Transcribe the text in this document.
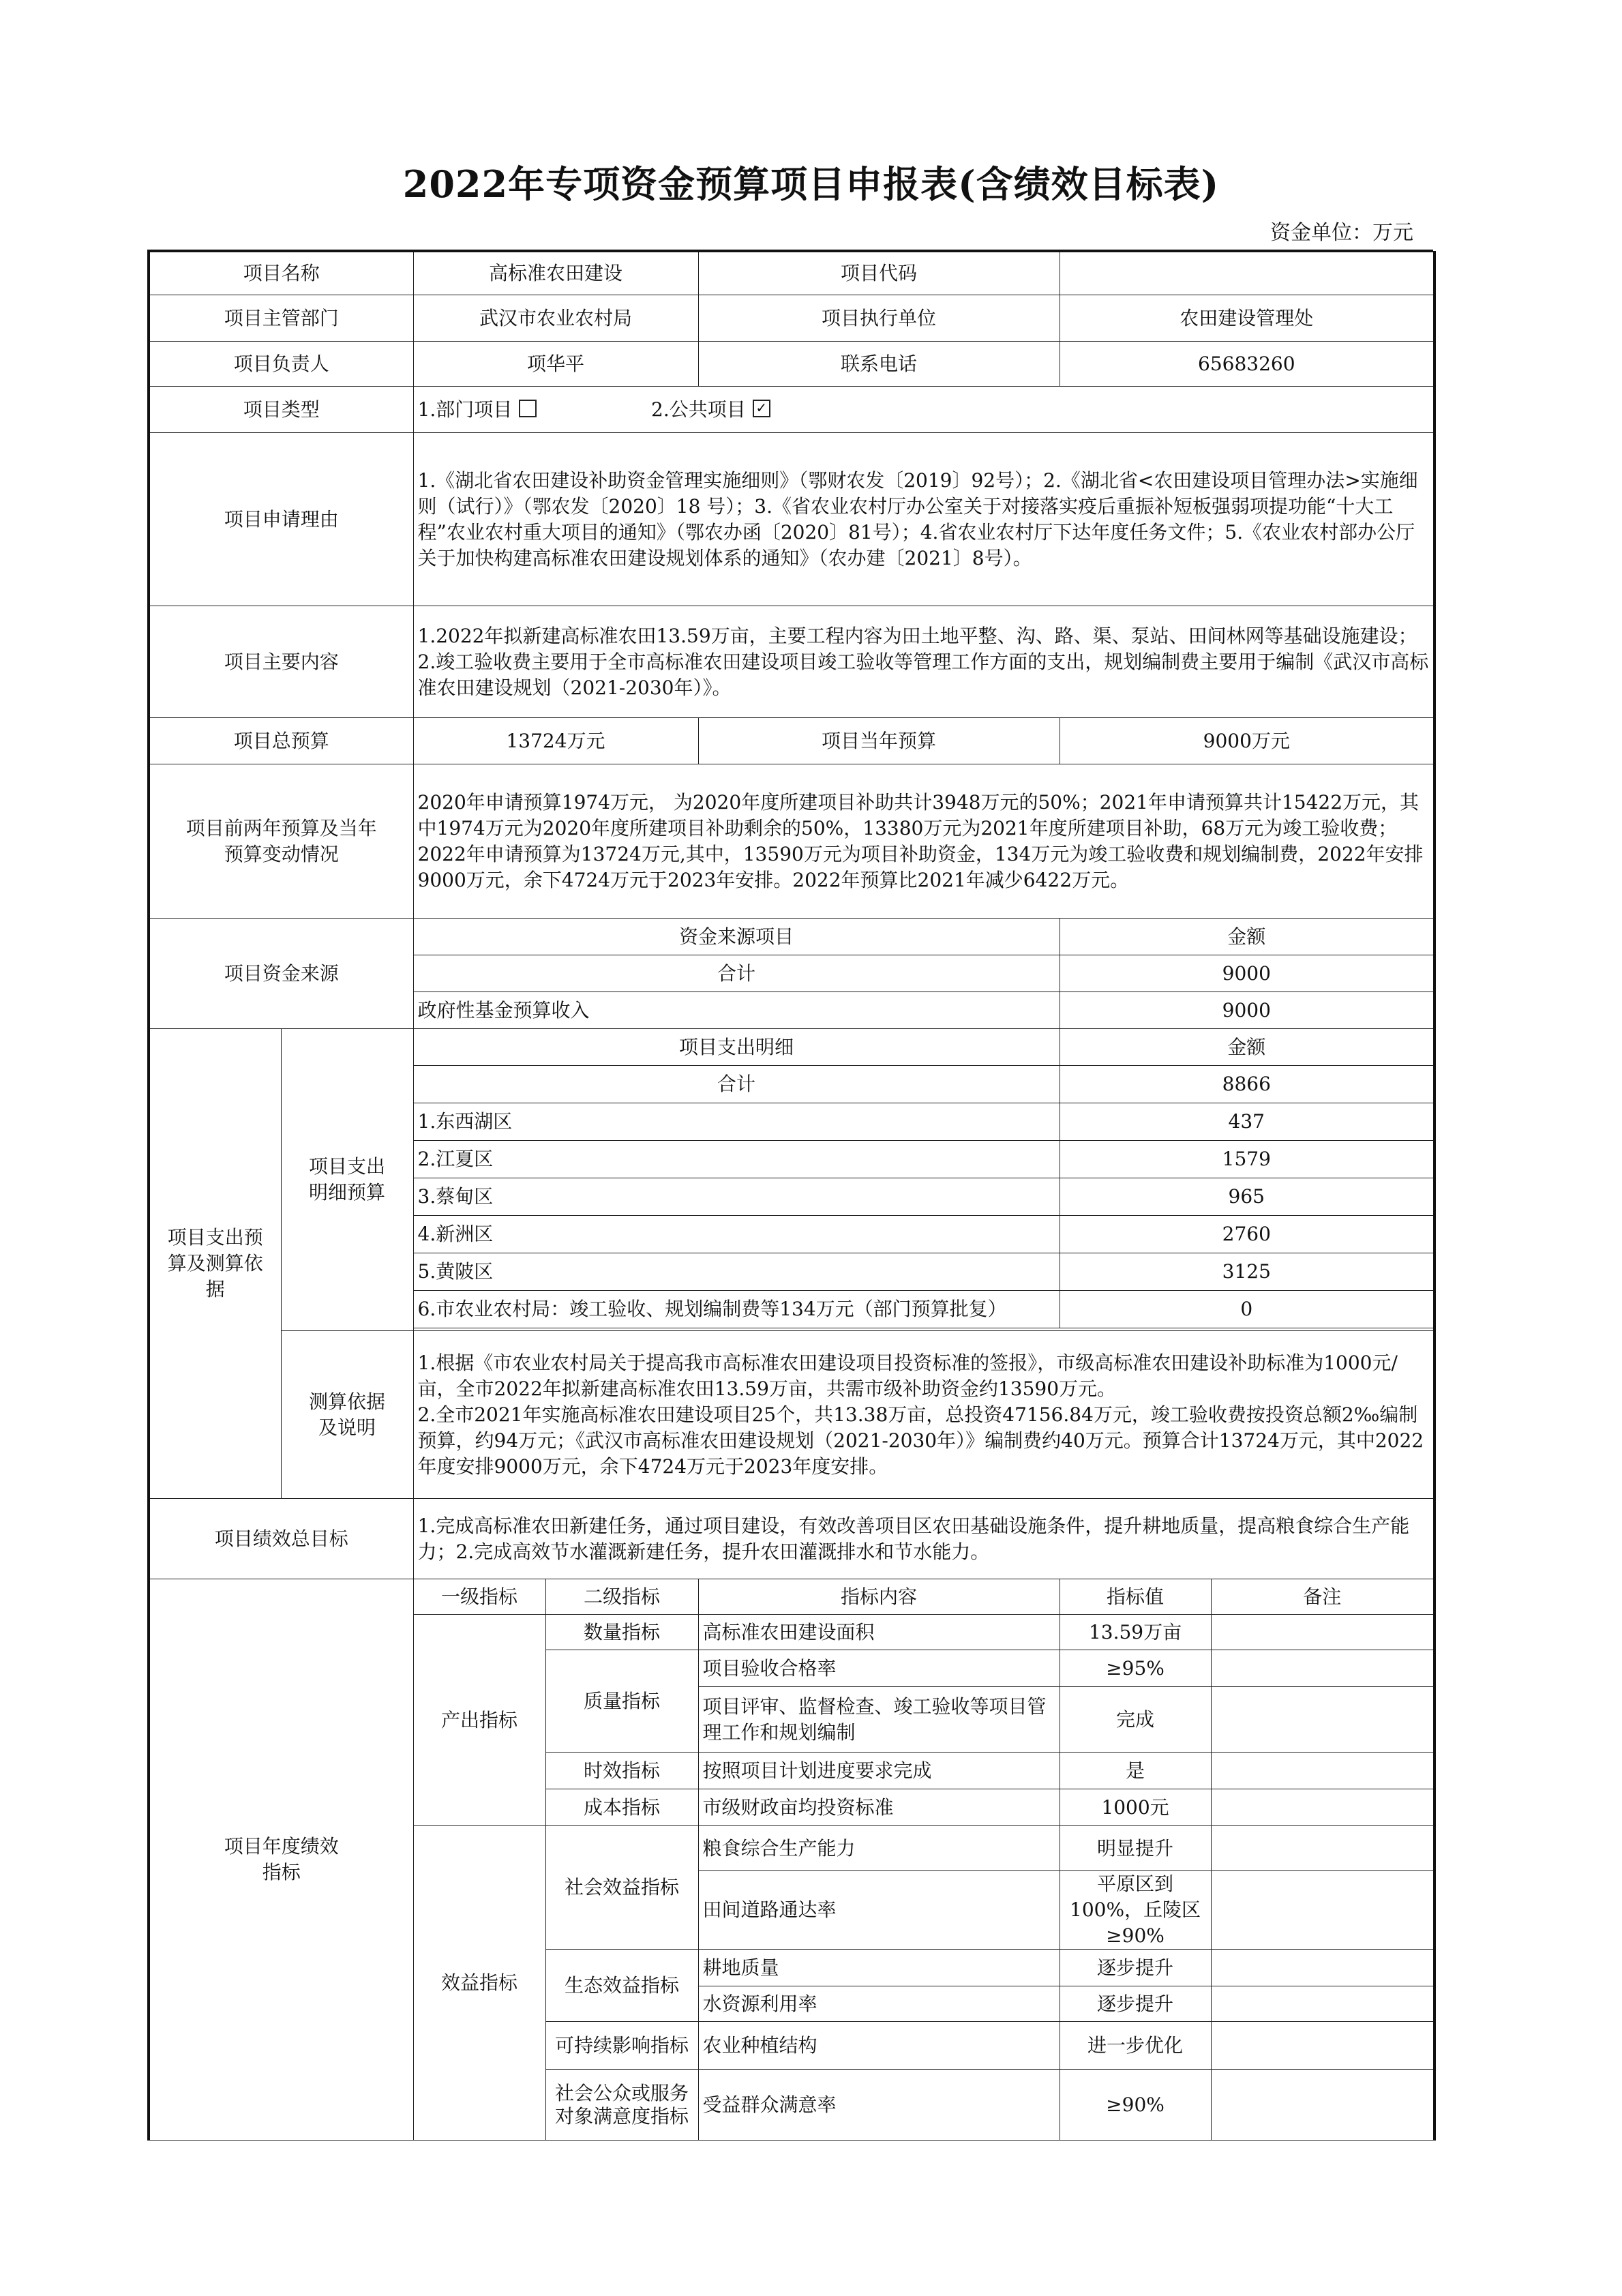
2022年专项资金预算项目申报表(含绩效目标表)
资金单位：万元
项目名称		高标准农田建设		项目代码		
项目主管部门		武汉市农业农村局		项目执行单位	农田建设管理处	
项目负责人		项华平		联系电话	65683260	
项目类型		1.部门项目 2.公共项目 ✓				
项目申请理由		1.《湖北省农田建设补助资金管理实施细则》（鄂财农发〔2019〕92号）；2.《湖北省<农田建设项目管理办法>实施细则（试行）》（鄂农发〔2020〕18 号）；3.《省农业农村厅办公室关于对接落实疫后重振补短板强弱项提功能“十大工程”农业农村重大项目的通知》（鄂农办函〔2020〕81号）；4.省农业农村厅下达年度任务文件；5.《农业农村部办公厅关于加快构建高标准农田建设规划体系的通知》（农办建〔2021〕8号）。				
项目主要内容		1.2022年拟新建高标准农田13.59万亩，主要工程内容为田土地平整、沟、路、渠、泵站、田间林网等基础设施建设； 2.竣工验收费主要用于全市高标准农田建设项目竣工验收等管理工作方面的支出，规划编制费主要用于编制《武汉市高标准农田建设规划（2021-2030年）》。				
项目总预算		13724万元		项目当年预算	9000万元	

项目前两年预算及当年预算变动情况		2020年申请预算1974万元， 为2020年度所建项目补助共计3948万元的50%；2021年申请预算共计15422万元，其中1974万元为2020年度所建项目补助剩余的50%，13380万元为2021年度所建项目补助，68万元为竣工验收费；2022年申请预算为13724万元,其中，13590万元为项目补助资金，134万元为竣工验收费和规划编制费，2022年安排9000万元，余下4724万元于2023年安排。2022年预算比2021年减少6422万元。				
项目资金来源		资金来源项目			金额	
		合计			9000	
		政府性基金预算收入			9000	

项目支出预算及测算依据	项目支出明细预算	项目支出明细			金额	
		合计			8866	
		1.东西湖区			437	
		2.江夏区			1579	
		3.蔡甸区			965	
		4.新洲区			2760	
		5.黄陂区			3125	
		6.市农业农村局：竣工验收、规划编制费等134万元（部门预算批复）			0	

	测算依据及说明	1.根据《市农业农村局关于提高我市高标准农田建设项目投资标准的签报》，市级高标准农田建设补助标准为1000元/亩，全市2022年拟新建高标准农田13.59万亩，共需市级补助资金约13590万元。
2.全市2021年实施高标准农田建设项目25个，共13.38万亩，总投资47156.84万元，竣工验收费按投资总额2‰编制预算，约94万元；《武汉市高标准农田建设规划（2021-2030年）》编制费约40万元。预算合计13724万元，其中2022年度安排9000万元，余下4724万元于2023年度安排。				
项目绩效总目标		1.完成高标准农田新建任务，通过项目建设，有效改善项目区农田基础设施条件，提升耕地质量，提高粮食综合生产能力；2.完成高效节水灌溉新建任务，提升农田灌溉排水和节水能力。				

项目年度绩效指标		一级指标	二级指标	指标内容	指标值	备注
		产出指标	数量指标	高标准农田建设面积	13.59万亩	
			质量指标	项目验收合格率	≥95%	
				项目评审、监督检查、竣工验收等项目管理工作和规划编制	完成	
			时效指标	按照项目计划进度要求完成	是	
			成本指标	市级财政亩均投资标准	1000元	
		效益指标	社会效益指标	粮食综合生产能力	明显提升	
				田间道路通达率	平原区到100%，丘陵区≥90%	
			生态效益指标	耕地质量	逐步提升	
				水资源利用率	逐步提升	
			可持续影响指标	农业种植结构	进一步优化	
			社会公众或服务对象满意度指标	受益群众满意率	≥90%	
